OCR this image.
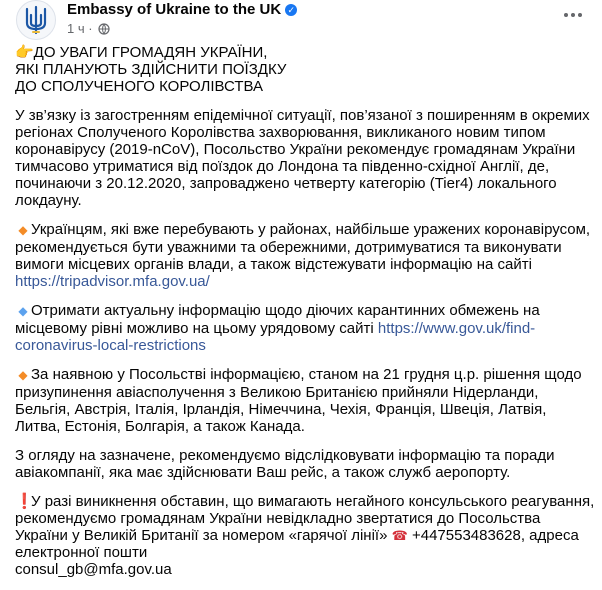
Embassy of Ukraine to the UK ✓
1 ч ·

👉ДО УВАГИ ГРОМАДЯН УКРАЇНИ,
ЯКІ ПЛАНУЮТЬ ЗДІЙСНИТИ ПОЇЗДКУ
ДО СПОЛУЧЕНОГО КОРОЛІВСТВА

У зв’язку із загостренням епідемічної ситуації, пов’язаної з поширенням в окремих регіонах Сполученого Королівства захворювання, викликаного новим типом коронавірусу (2019-nCoV), Посольство України рекомендує громадянам України тимчасово утриматися від поїздок до Лондона та південно-східної Англії, де, починаючи з 20.12.2020, запроваджено четверту категорію (Tier4) локального локдауну.

◆ Українцям, які вже перебувають у районах, найбільше уражених коронавірусом, рекомендується бути уважними та обережними, дотримуватися та виконувати вимоги місцевих органів влади, а також відстежувати інформацію на сайті
https://tripadvisor.mfa.gov.ua/

◆ Отримати актуальну інформацію щодо діючих карантинних обмежень на місцевому рівні можливо на цьому урядовому сайті https://www.gov.uk/find-coronavirus-local-restrictions

◆ За наявною у Посольстві інформацією, станом на 21 грудня ц.р. рішення щодо призупинення авіасполучення з Великою Британією прийняли Нідерланди, Бельгія, Австрія, Італія, Ірландія, Німеччина, Чехія, Франція, Швеція, Латвія, Литва, Естонія, Болгарія, а також Канада.

З огляду на зазначене, рекомендуємо відслідковувати інформацію та поради авіакомпанії, яка має здійснювати Ваш рейс, а також служб аеропорту.

❗У разі виникнення обставин, що вимагають негайного консульського реагування, рекомендуємо громадянам України невідкладно звертатися до Посольства України у Великій Британії за номером «гарячої лінії» ☎ +447553483628, адреса електронної пошти
consul_gb@mfa.gov.ua
